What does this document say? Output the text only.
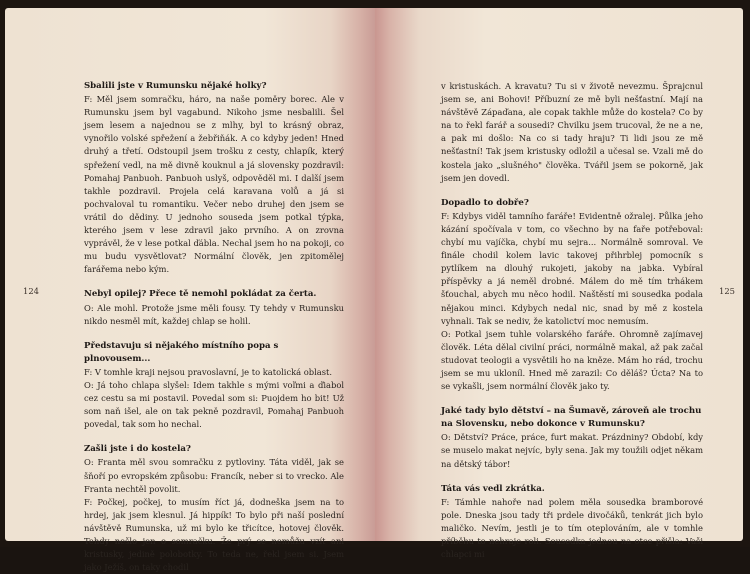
Sbalili jste v Rumunsku nějaké holky?

F: Měl jsem somračku, háro, na naše poměry borec. Ale v Rumunsku jsem byl vagabund. Nikoho jsme nesbalili. Šel jsem lesem a najednou se z mlhy, byl to krásný obraz, vynořilo volské spřežení a žebřiňák. A co kdyby jeden! Hned druhý a třetí. Odstoupil jsem trošku z cesty, chlapík, který spřežení vedl, na mě divně kouknul a já slovensky pozdravil: Pomahaj Panbuoh. Panbuoh uslyš, odpověděl mi. I další jsem takhle pozdravil. Projela celá karavana volů a já si pochvaloval tu romantiku. Večer nebo druhej den jsem se vrátil do dědiny. U jednoho souseda jsem potkal týpka, kterého jsem v lese zdravil jako prvního. A on zrovna vyprávěl, že v lese potkal ďábla. Nechal jsem ho na pokoji, co mu budu vysvětlovat? Normální člověk, jen zpitomělej farářema nebo kým.

Nebyl opilej? Přece tě nemohl pokládat za čerta.

O: Ale mohl. Protože jsme měli fousy. Ty tehdy v Rumunsku nikdo nesměl mít, každej chlap se holil.

Představuju si nějakého místního popa s plnovousem...

F: V tomhle kraji nejsou pravoslavní, je to katolická oblast.

O: Já toho chlapa slyšel: Idem takhle s mými voľmi a ďiabol cez cestu sa mi postavil. Povedal som si: Puojdem ho bit! Už som naň išel, ale on tak pekně pozdravil, Pomahaj Panbuoh povedal, tak som ho nechal.

Zašli jste i do kostela?

O: Franta měl svou somračku z pytloviny. Táta viděl, jak se šňoří po evropském způsobu: Francík, neber si to vrecko. Ale Franta nechtěl povolit.

F: Počkej, počkej, to musím říct já, dodneška jsem na to hrdej, jak jsem klesnul. Já hippík! To bylo při naší poslední návštěvě Rumunska, už mi bylo ke třicítce, hotovej člověk. Tehdy nešlo jen o somračku. Že prý se nemůžu vzít ani kristusky, jedině polobotky. To teda ne, řekl jsem si. Jsem jako Ježíš, on taky chodil

124

v kristuskách. A kravatu? Tu si v životě nevezmu. Šprajcnul jsem se, ani Bohovi! Příbuzní ze mě byli nešťastní. Mají na návštěvě Zápaďana, ale copak takhle může do kostela? Co by na to řekl farář a sousedi? Chvilku jsem trucoval, že ne a ne, a pak mi došlo: Na co si tady hraju? Ti lidi jsou ze mě nešťastní! Tak jsem kristusky odložil a učesal se. Vzali mě do kostela jako „slušného" člověka. Tvářil jsem se pokorně, jak jsem jen dovedl.

Dopadlo to dobře?

F: Kdybys viděl tamního faráře! Evidentně ožralej. Půlka jeho kázání spočívala v tom, co všechno by na faře potřeboval: chybí mu vajíčka, chybí mu sejra... Normálně somroval. Ve finále chodil kolem lavic takovej přihrblej pomocník s pytlíkem na dlouhý rukojeti, jakoby na jabka. Vybíral příspěvky a já neměl drobné. Málem do mě tím trhákem šťouchal, abych mu něco hodil. Naštěstí mi sousedka podala nějakou minci. Kdybych nedal nic, snad by mě z kostela vyhnali. Tak se nediv, že katolictví moc nemusím.

O: Potkal jsem tuhle volarského faráře. Ohromně zajímavej člověk. Léta dělal civilní práci, normálně makal, až pak začal studovat teologii a vysvětili ho na kněze. Mám ho rád, trochu jsem se mu ukloníl. Hned mě zarazil: Co děláš? Úcta? Na to se vykašli, jsem normální člověk jako ty.

Jaké tady bylo dětství – na Šumavě, zároveň ale trochu na Slovensku, nebo dokonce v Rumunsku?

O: Dětství? Práce, práce, furt makat. Prázdniny? Období, kdy se muselo makat nejvíc, byly sena. Jak my toužili odjet někam na dětský tábor!

Táta vás vedl zkrátka.

F: Támhle nahoře nad polem měla sousedka bramborové pole. Dneska jsou tady tři prdele divočáků, tenkrát jich bylo maličko. Nevím, jestli je to tím oteplováním, ale v tomhle příběhu to nehraje roli. Sousedka jednou na otce přišla: Vaši chlapci mi

125
